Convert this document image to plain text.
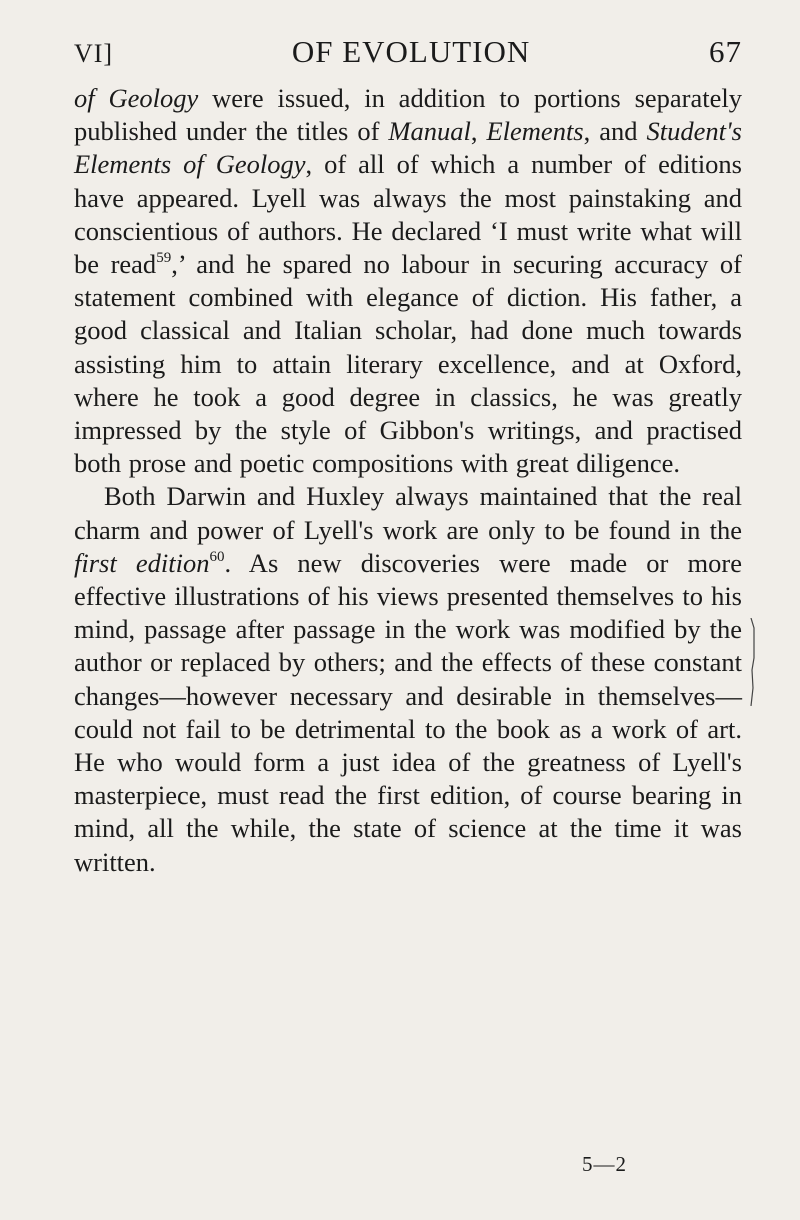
VI]	OF EVOLUTION	67

of Geology were issued, in addition to portions separately published under the titles of Manual, Elements, and Student's Elements of Geology, of all of which a number of editions have appeared. Lyell was always the most painstaking and conscientious of authors. He declared ‘I must write what will be read$^{59}$,’ and he spared no labour in securing accuracy of statement combined with elegance of diction. His father, a good classical and Italian scholar, had done much towards assisting him to attain literary excellence, and at Oxford, where he took a good degree in classics, he was greatly impressed by the style of Gibbon's writings, and practised both prose and poetic compositions with great diligence.

Both Darwin and Huxley always maintained that the real charm and power of Lyell's work are only to be found in the first edition$^{60}$. As new discoveries were made or more effective illustrations of his views presented themselves to his mind, passage after passage in the work was modified by the author or replaced by others; and the effects of these constant changes—however necessary and desirable in themselves—could not fail to be detrimental to the book as a work of art. He who would form a just idea of the greatness of Lyell's masterpiece, must read the first edition, of course bearing in mind, all the while, the state of science at the time it was written.

5—2
